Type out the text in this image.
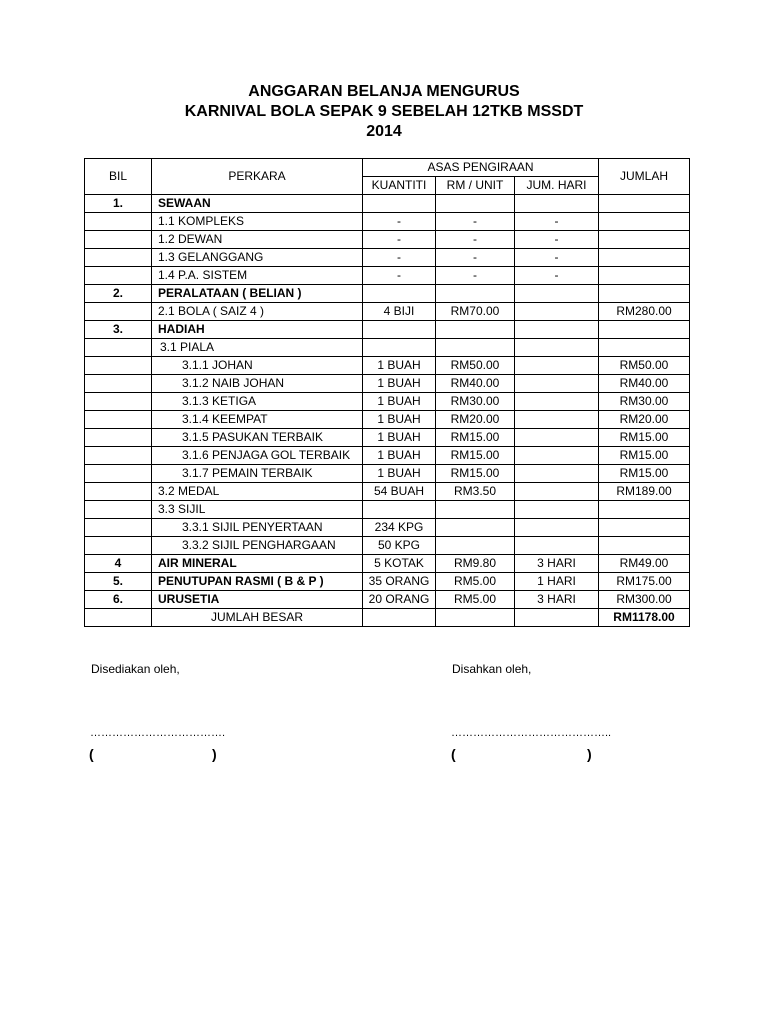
ANGGARAN BELANJA MENGURUS
KARNIVAL BOLA SEPAK 9 SEBELAH 12TKB MSSDT
2014
BIL	PERKARA	ASAS PENGIRAAN			JUMLAH
		KUANTITI	RM / UNIT	JUM. HARI	
1.	SEWAAN				
	1.1 KOMPLEKS	-	-	-	
	1.2 DEWAN	-	-	-	
	1.3 GELANGGANG	-	-	-	
	1.4 P.A. SISTEM	-	-	-	
2.	PERALATAAN ( BELIAN )				
	2.1 BOLA ( SAIZ 4 )	4 BIJI	RM70.00		RM280.00
3.	HADIAH				
	3.1 PIALA				
	3.1.1 JOHAN	1 BUAH	RM50.00		RM50.00
	3.1.2 NAIB JOHAN	1 BUAH	RM40.00		RM40.00
	3.1.3 KETIGA	1 BUAH	RM30.00		RM30.00
	3.1.4 KEEMPAT	1 BUAH	RM20.00		RM20.00
	3.1.5 PASUKAN TERBAIK	1 BUAH	RM15.00		RM15.00
	3.1.6 PENJAGA GOL TERBAIK	1 BUAH	RM15.00		RM15.00
	3.1.7 PEMAIN TERBAIK	1 BUAH	RM15.00		RM15.00
	3.2 MEDAL	54 BUAH	RM3.50		RM189.00
	3.3 SIJIL				
	3.3.1 SIJIL PENYERTAAN	234 KPG			
	3.3.2 SIJIL PENGHARGAAN	50 KPG			
4	AIR MINERAL	5 KOTAK	RM9.80	3 HARI	RM49.00
5.	PENUTUPAN RASMI ( B & P )	35 ORANG	RM5.00	1 HARI	RM175.00
6.	URUSETIA	20 ORANG	RM5.00	3 HARI	RM300.00
	JUMLAH BESAR				RM1178.00
Disediakan oleh,	Disahkan oleh,
……………………………….	……………………………………..
(	)	(	)
